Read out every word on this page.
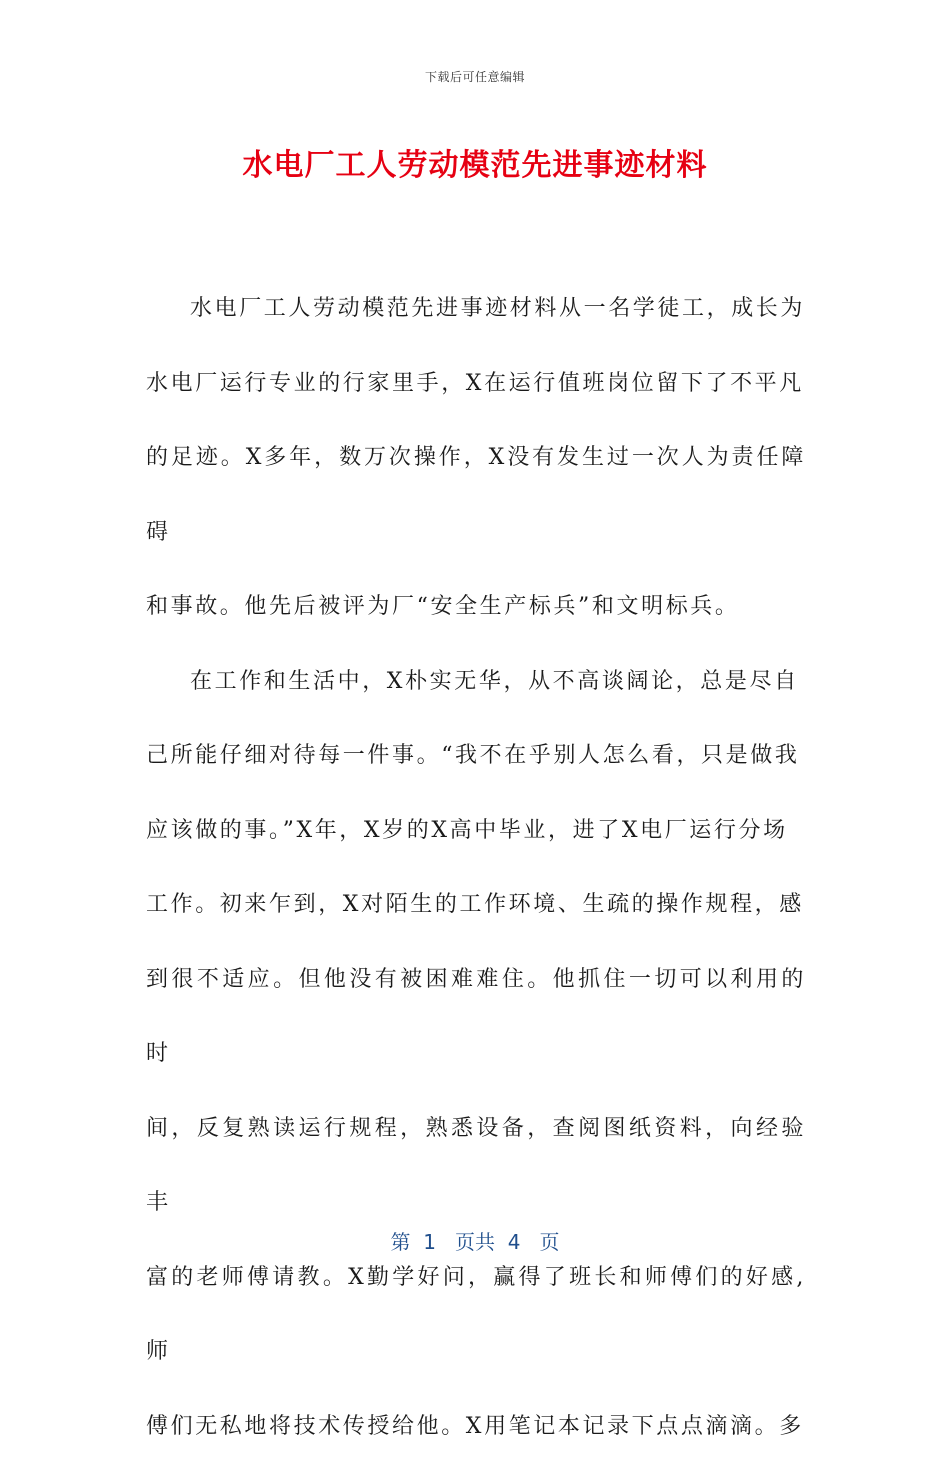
下载后可任意编辑
水电厂工人劳动模范先进事迹材料

水电厂工人劳动模范先进事迹材料从一名学徒工，成长为
水电厂运行专业的行家里手，X在运行值班岗位留下了不平凡
的足迹。X多年，数万次操作，X没有发生过一次人为责任障碍
和事故。他先后被评为厂“安全生产标兵”和文明标兵。

在工作和生活中，X朴实无华，从不高谈阔论，总是尽自
己所能仔细对待每一件事。“我不在乎别人怎么看，只是做我
应该做的事。”X年，X岁的X高中毕业，进了X电厂运行分场
工作。初来乍到，X对陌生的工作环境、生疏的操作规程，感
到很不适应。但他没有被困难难住。他抓住一切可以利用的时
间，反复熟读运行规程，熟悉设备，查阅图纸资料，向经验丰
富的老师傅请教。X勤学好问，赢得了班长和师傅们的好感,师
傅们无私地将技术传授给他。X用笔记本记录下点点滴滴。多

第  1   页共  4   页
